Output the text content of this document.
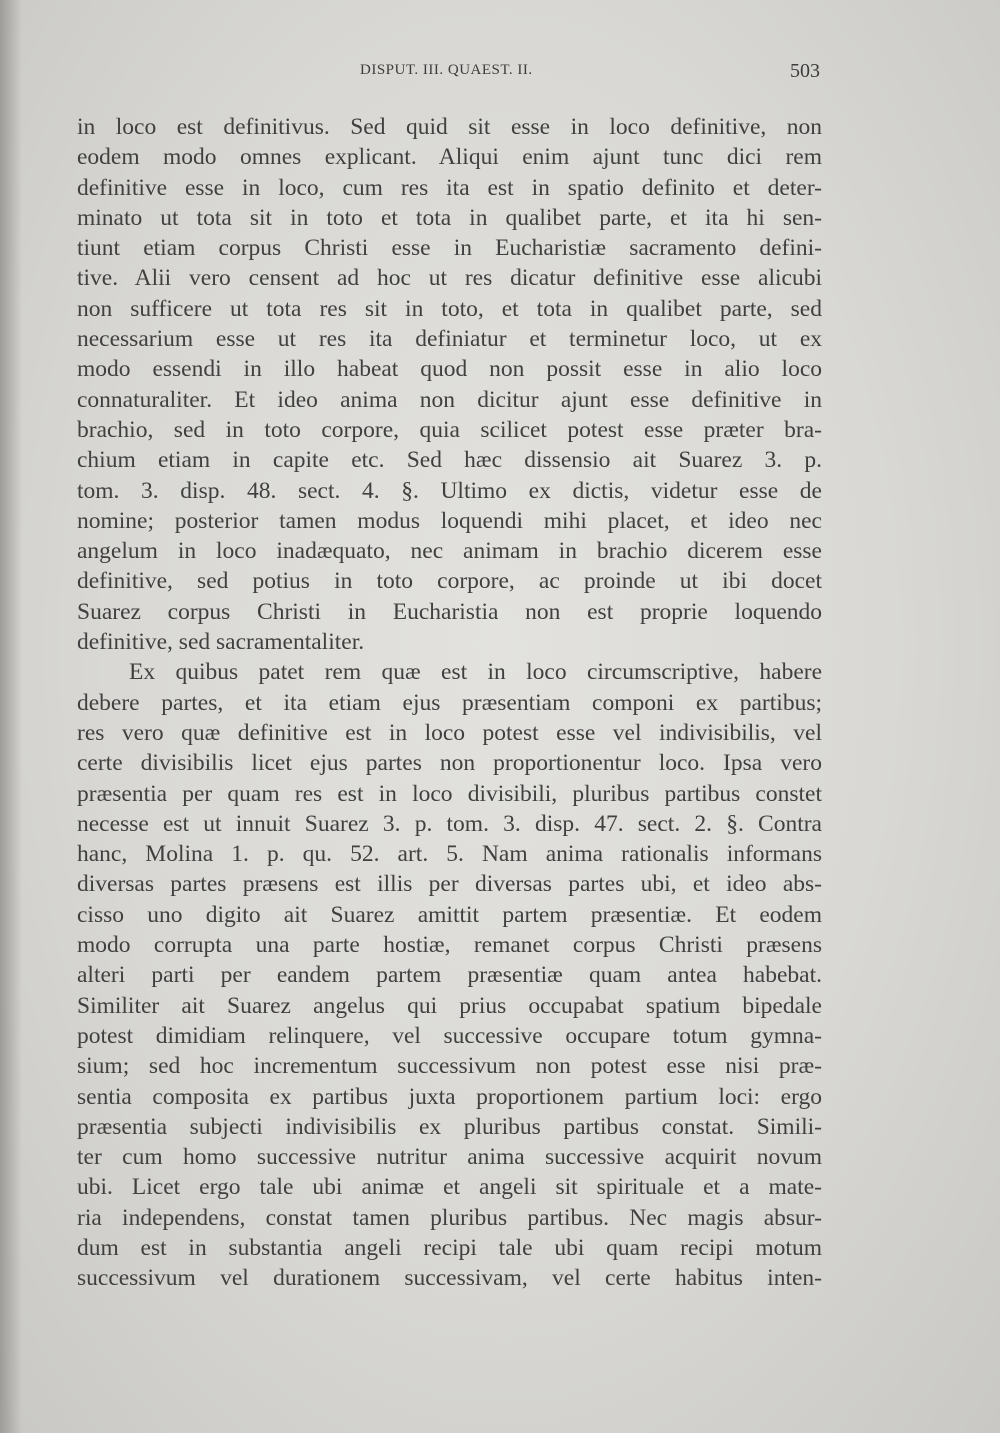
DISPUT. III. QUAEST. II.	503
in loco est definitivus. Sed quid sit esse in loco definitive, non
eodem modo omnes explicant. Aliqui enim ajunt tunc dici rem
definitive esse in loco, cum res ita est in spatio definito et deter-
minato ut tota sit in toto et tota in qualibet parte, et ita hi sen-
tiunt etiam corpus Christi esse in Eucharistiæ sacramento defini-
tive. Alii vero censent ad hoc ut res dicatur definitive esse alicubi
non sufficere ut tota res sit in toto, et tota in qualibet parte, sed
necessarium esse ut res ita definiatur et terminetur loco, ut ex
modo essendi in illo habeat quod non possit esse in alio loco
connaturaliter. Et ideo anima non dicitur ajunt esse definitive in
brachio, sed in toto corpore, quia scilicet potest esse præter bra-
chium etiam in capite etc. Sed hæc dissensio ait Suarez 3. p.
tom. 3. disp. 48. sect. 4. §. Ultimo ex dictis, videtur esse de
nomine; posterior tamen modus loquendi mihi placet, et ideo nec
angelum in loco inadæquato, nec animam in brachio dicerem esse
definitive, sed potius in toto corpore, ac proinde ut ibi docet
Suarez corpus Christi in Eucharistia non est proprie loquendo
definitive, sed sacramentaliter.
Ex quibus patet rem quæ est in loco circumscriptive, habere
debere partes, et ita etiam ejus præsentiam componi ex partibus;
res vero quæ definitive est in loco potest esse vel indivisibilis, vel
certe divisibilis licet ejus partes non proportionentur loco. Ipsa vero
præsentia per quam res est in loco divisibili, pluribus partibus constet
necesse est ut innuit Suarez 3. p. tom. 3. disp. 47. sect. 2. §. Contra
hanc, Molina 1. p. qu. 52. art. 5. Nam anima rationalis informans
diversas partes præsens est illis per diversas partes ubi, et ideo abs-
cisso uno digito ait Suarez amittit partem præsentiæ. Et eodem
modo corrupta una parte hostiæ, remanet corpus Christi præsens
alteri parti per eandem partem præsentiæ quam antea habebat.
Similiter ait Suarez angelus qui prius occupabat spatium bipedale
potest dimidiam relinquere, vel successive occupare totum gymna-
sium; sed hoc incrementum successivum non potest esse nisi præ-
sentia composita ex partibus juxta proportionem partium loci: ergo
præsentia subjecti indivisibilis ex pluribus partibus constat. Simili-
ter cum homo successive nutritur anima successive acquirit novum
ubi. Licet ergo tale ubi animæ et angeli sit spirituale et a mate-
ria independens, constat tamen pluribus partibus. Nec magis absur-
dum est in substantia angeli recipi tale ubi quam recipi motum
successivum vel durationem successivam, vel certe habitus inten-
